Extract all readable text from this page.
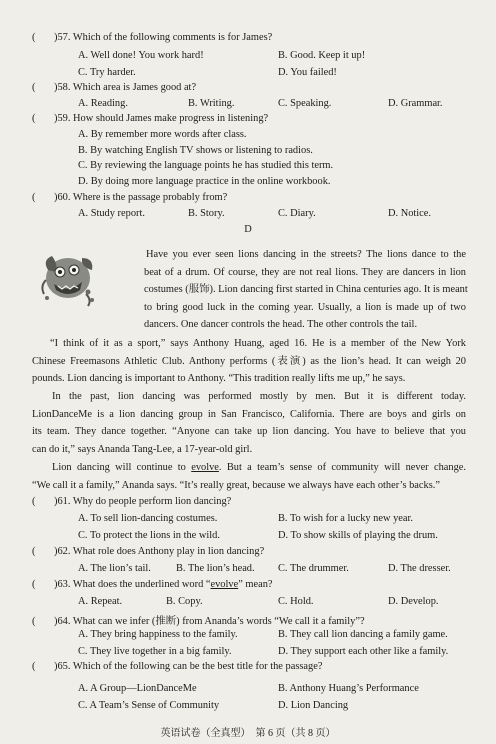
( )57. Which of the following comments is for James?
A. Well done! You work hard!	B. Good. Keep it up!
C. Try harder.	D. You failed!
( )58. Which area is James good at?
A. Reading.	B. Writing.	C. Speaking.	D. Grammar.
( )59. How should James make progress in listening?
A. By remember more words after class.
B. By watching English TV shows or listening to radios.
C. By reviewing the language points he has studied this term.
D. By doing more language practice in the online workbook.
( )60. Where is the passage probably from?
A. Study report.	B. Story.	C. Diary.	D. Notice.
D
Have you ever seen lions dancing in the streets? The lions dance to the
beat of a drum. Of course, they are not real lions. They are dancers in lion
costumes (服饰). Lion dancing first started in China centuries ago. It is meant
to bring good luck in the coming year. Usually, a lion is made up of two
dancers. One dancer controls the head. The other controls the tail.
“I think of it as a sport,” says Anthony Huang, aged 16. He is a member of the New York
Chinese Freemasons Athletic Club. Anthony performs (表演) as the lion’s head. It can weigh 20
pounds. Lion dancing is important to Anthony. “This tradition really lifts me up,” he says.
In the past, lion dancing was performed mostly by men. But it is different today.
LionDanceMe is a lion dancing group in San Francisco, California. There are boys and girls on
its team. They dance together. “Anyone can take up lion dancing. You have to believe that you
can do it,” says Ananda Tang-Lee, a 17-year-old girl.
Lion dancing will continue to evolve. But a team’s sense of community will never change.
“We call it a family,” Ananda says. “It’s really great, because we always have each other’s backs.”
( )61. Why do people perform lion dancing?
A. To sell lion-dancing costumes.	B. To wish for a lucky new year.
C. To protect the lions in the wild.	D. To show skills of playing the drum.
( )62. What role does Anthony play in lion dancing?
A. The lion’s tail. B. The lion’s head. C. The drummer.	D. The dresser.
( )63. What does the underlined word “evolve” mean?
A. Repeat.	B. Copy.	C. Hold.	D. Develop.
( )64. What can we infer (推断) from Ananda’s words “We call it a family”?
A. They bring happiness to the family.	B. They call lion dancing a family game.
C. They live together in a big family.	D. They support each other like a family.
( )65. Which of the following can be the best title for the passage?
A. A Group—LionDanceMe	B. Anthony Huang’s Performance
C. A Team’s Sense of Community	D. Lion Dancing
英语试卷（全真型）　第 6 页（共 8 页）
